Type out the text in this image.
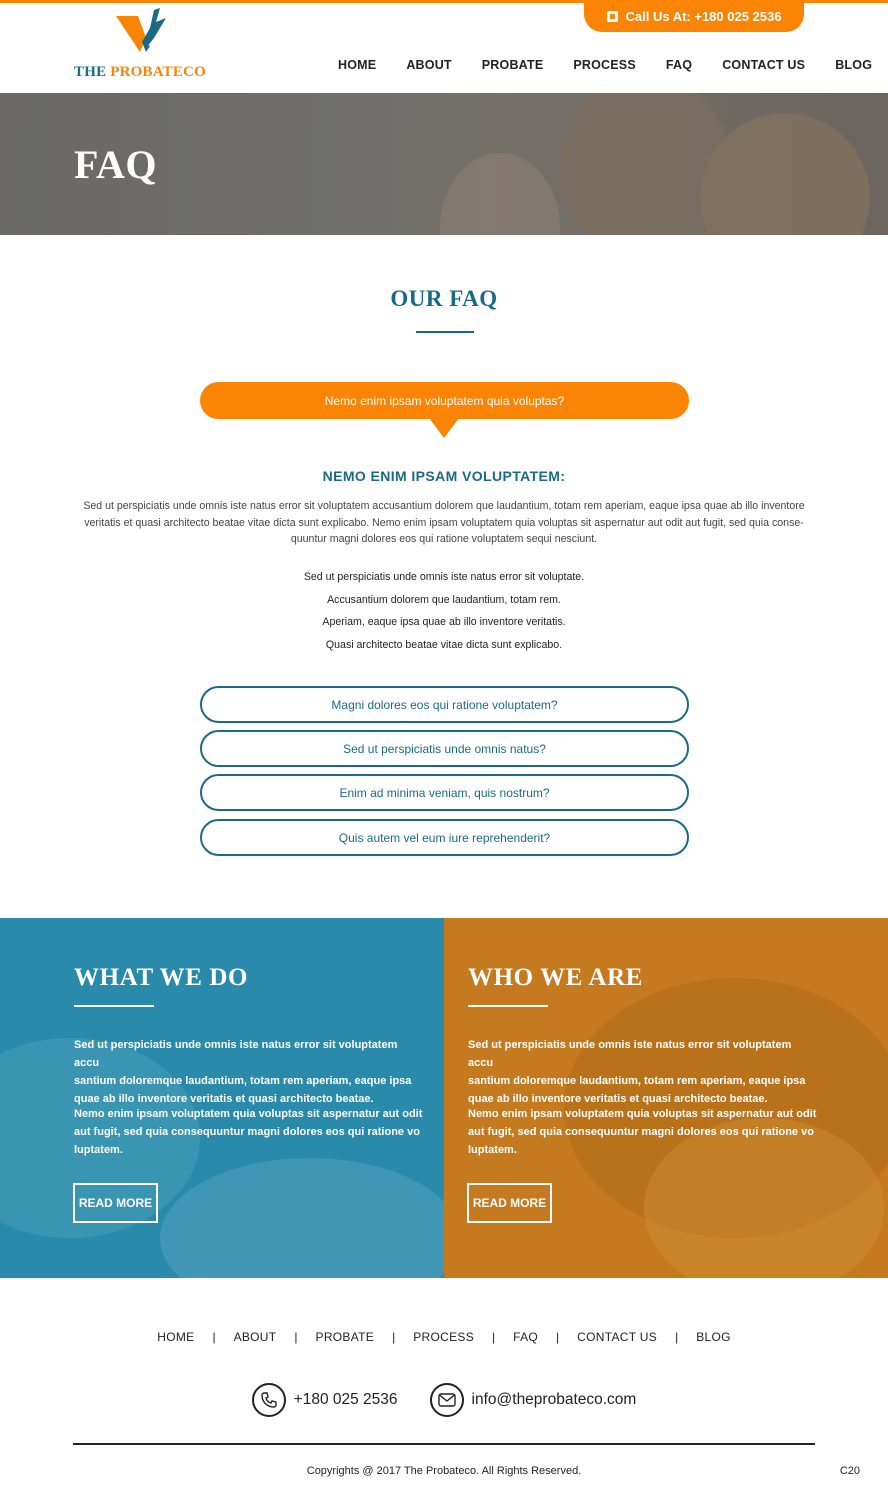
Call Us At: +180 025 2536
THE PROBATECO	HOME ABOUT PROBATE PROCESS FAQ CONTACT US BLOG
FAQ
OUR FAQ
Nemo enim ipsam voluptatem quia voluptas?
NEMO ENIM IPSAM VOLUPTATEM:
Sed ut perspiciatis unde omnis iste natus error sit voluptatem accusantium dolorem que laudantium, totam rem aperiam, eaque ipsa quae ab illo inventore
veritatis et quasi architecto beatae vitae dicta sunt explicabo. Nemo enim ipsam voluptatem quia voluptas sit aspernatur aut odit aut fugit, sed quia conse-
quuntur magni dolores eos qui ratione voluptatem sequi nesciunt.
Sed ut perspiciatis unde omnis iste natus error sit voluptate.
Accusantium dolorem que laudantium, totam rem.
Aperiam, eaque ipsa quae ab illo inventore veritatis.
Quasi architecto beatae vitae dicta sunt explicabo.
Magni dolores eos qui ratione voluptatem?
Sed ut perspiciatis unde omnis natus?
Enim ad minima veniam, quis nostrum?
Quis autem vel eum iure reprehenderit?
WHAT WE DO
Sed ut perspiciatis unde omnis iste natus error sit voluptatem accu
santium doloremque laudantium, totam rem aperiam, eaque ipsa
quae ab illo inventore veritatis et quasi architecto beatae.
Nemo enim ipsam voluptatem quia voluptas sit aspernatur aut odit
aut fugit, sed quia consequuntur magni dolores eos qui ratione vo
luptatem.
READ MORE
WHO WE ARE
Sed ut perspiciatis unde omnis iste natus error sit voluptatem accu
santium doloremque laudantium, totam rem aperiam, eaque ipsa
quae ab illo inventore veritatis et quasi architecto beatae.
Nemo enim ipsam voluptatem quia voluptas sit aspernatur aut odit
aut fugit, sed quia consequuntur magni dolores eos qui ratione vo
luptatem.
READ MORE
HOME | ABOUT | PROBATE | PROCESS | FAQ | CONTACT US | BLOG
+180 025 2536	info@theprobateco.com
Copyrights @ 2017 The Probateco. All Rights Reserved.	C20
